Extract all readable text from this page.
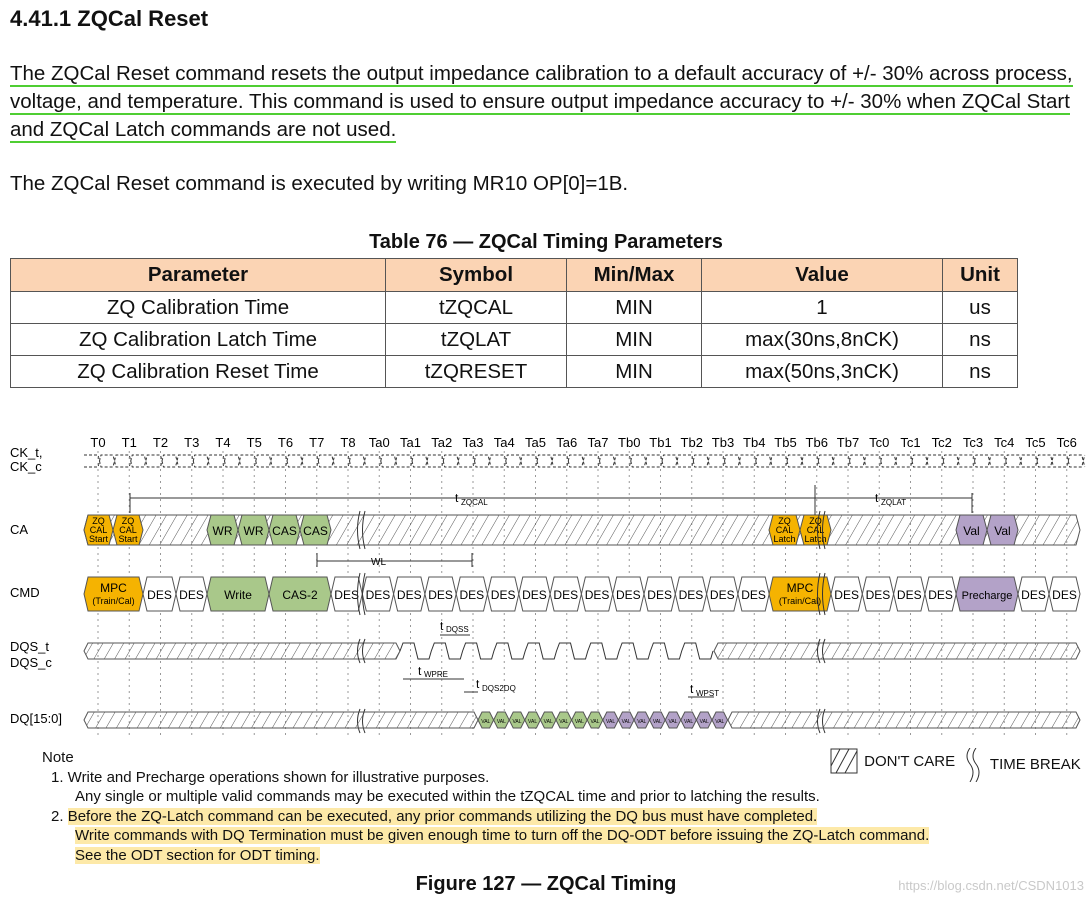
4.41.1 ZQCal Reset
The ZQCal Reset command resets the output impedance calibration to a default accuracy of +/- 30% across process, voltage, and temperature. This command is used to ensure output impedance accuracy to +/- 30% when ZQCal Start and ZQCal Latch commands are not used.
The ZQCal Reset command is executed by writing MR10 OP[0]=1B.
Table 76 — ZQCal Timing Parameters
Parameter	Symbol	Min/Max	Value	Unit
ZQ Calibration Time	tZQCAL	MIN	1	us
ZQ Calibration Latch Time	tZQLAT	MIN	max(30ns,8nCK)	ns
ZQ Calibration Reset Time	tZQRESET	MIN	max(50ns,3nCK)	ns
T0 T1 T2 T3 T4 T5 T6 T7 T8 Ta0 Ta1 Ta2 Ta3 Ta4 Ta5 Ta6 Ta7 Tb0 Tb1 Tb2 Tb3 Tb4 Tb5 Tb6 Tb7 Tc0 Tc1 Tc2 Tc3 Tc4 Tc5 Tc6
CK_t,
CK_c
CA
CMD
DQS_t
DQS_c
DQ[15:0]
ZQ
CAL
Start
ZQ
CAL
Start
WR WR CAS CAS
ZQ
CAL
Latch
ZQ
CAL
Latch
Val Val
t ZQCAL	t ZQLAT
WL
MPC
(Train/Cal) DES DES Write	CAS-2 DES DES DES DES DES DES DES DES DES DES DES DES DES DES MPC
(Train/Cal) DES DES DES DES Precharge DES DES
t DQSS
t WPRE
t DQS2DQ	t WPST
VAL VAL VAL VAL VAL VAL VAL VAL VAL VAL VAL VAL VAL VAL VAL VAL
Note
1. Write and Precharge operations shown for illustrative purposes.
Any single or multiple valid commands may be executed within the tZQCAL time and prior to latching the results.
2. Before the ZQ-Latch command can be executed, any prior commands utilizing the DQ bus must have completed.
Write commands with DQ Termination must be given enough time to turn off the DQ-ODT before issuing the ZQ-Latch command.
See the ODT section for ODT timing.
DON'T CARE	TIME BREAK
Figure 127 — ZQCal Timing	https://blog.csdn.net/CSDN1013
